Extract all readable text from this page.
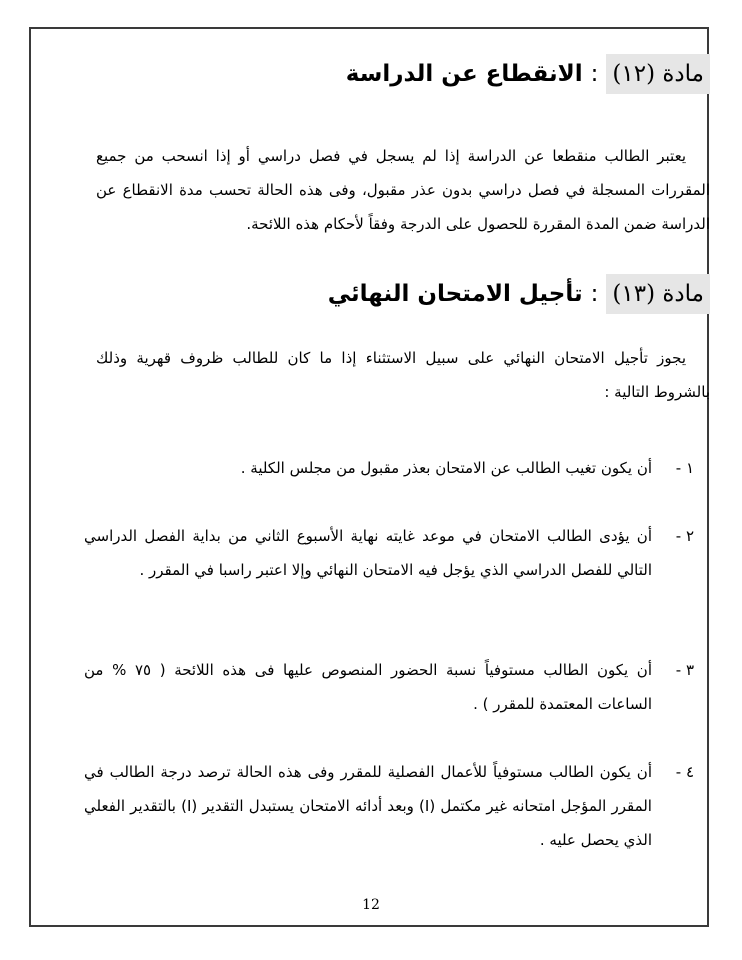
مادة (١٢)
:
الانقطاع عن الدراسة
يعتبر الطالب منقطعا عن الدراسة إذا لم يسجل في فصل دراسي أو إذا انسحب من جميع المقررات المسجلة في فصل دراسي بدون عذر مقبول، وفى هذه الحالة تحسب مدة الانقطاع عن الدراسة ضمن المدة المقررة للحصول على الدرجة وفقاً لأحكام هذه اللائحة.
مادة (١٣)
:
تأجيل الامتحان النهائي
يجوز تأجيل الامتحان النهائي على سبيل الاستثناء إذا ما كان للطالب ظروف قهرية وذلك بالشروط التالية :
١ -
أن يكون تغيب الطالب عن الامتحان بعذر مقبول من مجلس الكلية .
٢ -
أن يؤدى الطالب الامتحان في موعد غايته نهاية الأسبوع الثاني من بداية الفصل الدراسي التالي للفصل الدراسي الذي يؤجل فيه الامتحان النهائي وإلا اعتبر راسبا في المقرر .
٣ -
أن يكون الطالب مستوفياً نسبة الحضور المنصوص عليها فى هذه اللائحة ( ٧٥ % من الساعات المعتمدة للمقرر ) .
٤ -
أن يكون الطالب مستوفياً للأعمال الفصلية للمقرر وفى هذه الحالة ترصد درجة الطالب في المقرر المؤجل امتحانه غير مكتمل (I) وبعد أدائه الامتحان يستبدل التقدير (I) بالتقدير الفعلي الذي يحصل عليه .
12
